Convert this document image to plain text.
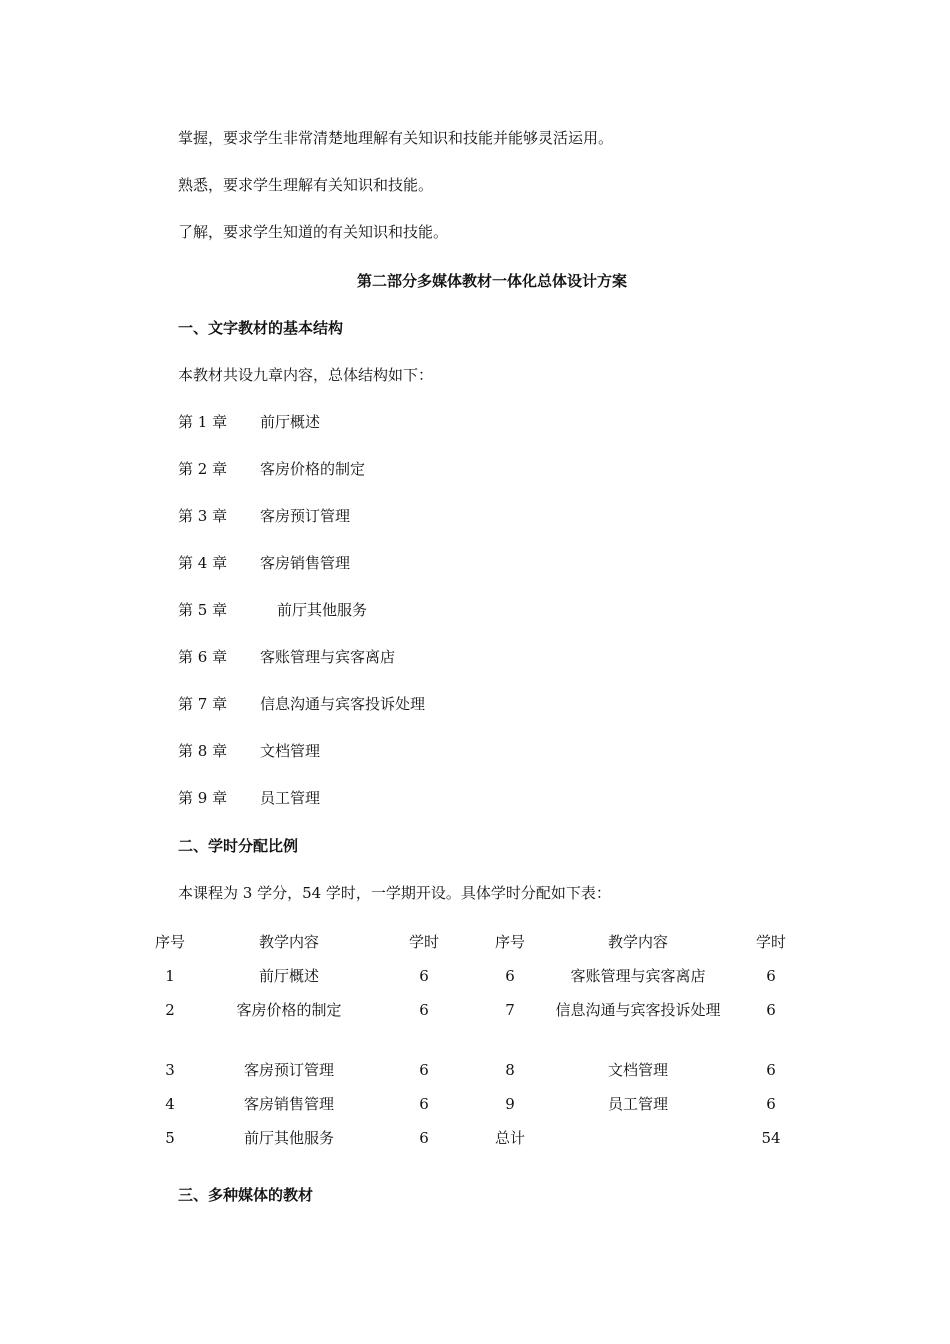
掌握，要求学生非常清楚地理解有关知识和技能并能够灵活运用。
熟悉，要求学生理解有关知识和技能。
了解，要求学生知道的有关知识和技能。
第二部分多媒体教材一体化总体设计方案
一、文字教材的基本结构
本教材共设九章内容，总体结构如下：
第 1 章 前厅概述
第 2 章 客房价格的制定
第 3 章 客房预订管理
第 4 章 客房销售管理
第 5 章	前厅其他服务
第 6 章 客账管理与宾客离店
第 7 章 信息沟通与宾客投诉处理
第 8 章 文档管理
第 9 章 员工管理
二、学时分配比例
本课程为 3 学分，54 学时，一学期开设。具体学时分配如下表：
序号	教学内容	学时	序号	教学内容	学时
1	前厅概述	6	6	客账管理与宾客离店	6
2	客房价格的制定	6	7	信息沟通与宾客投诉处理	6
3	客房预订管理	6	8	文档管理	6
4	客房销售管理	6	9	员工管理	6
5	前厅其他服务	6	总计		54
三、多种媒体的教材
